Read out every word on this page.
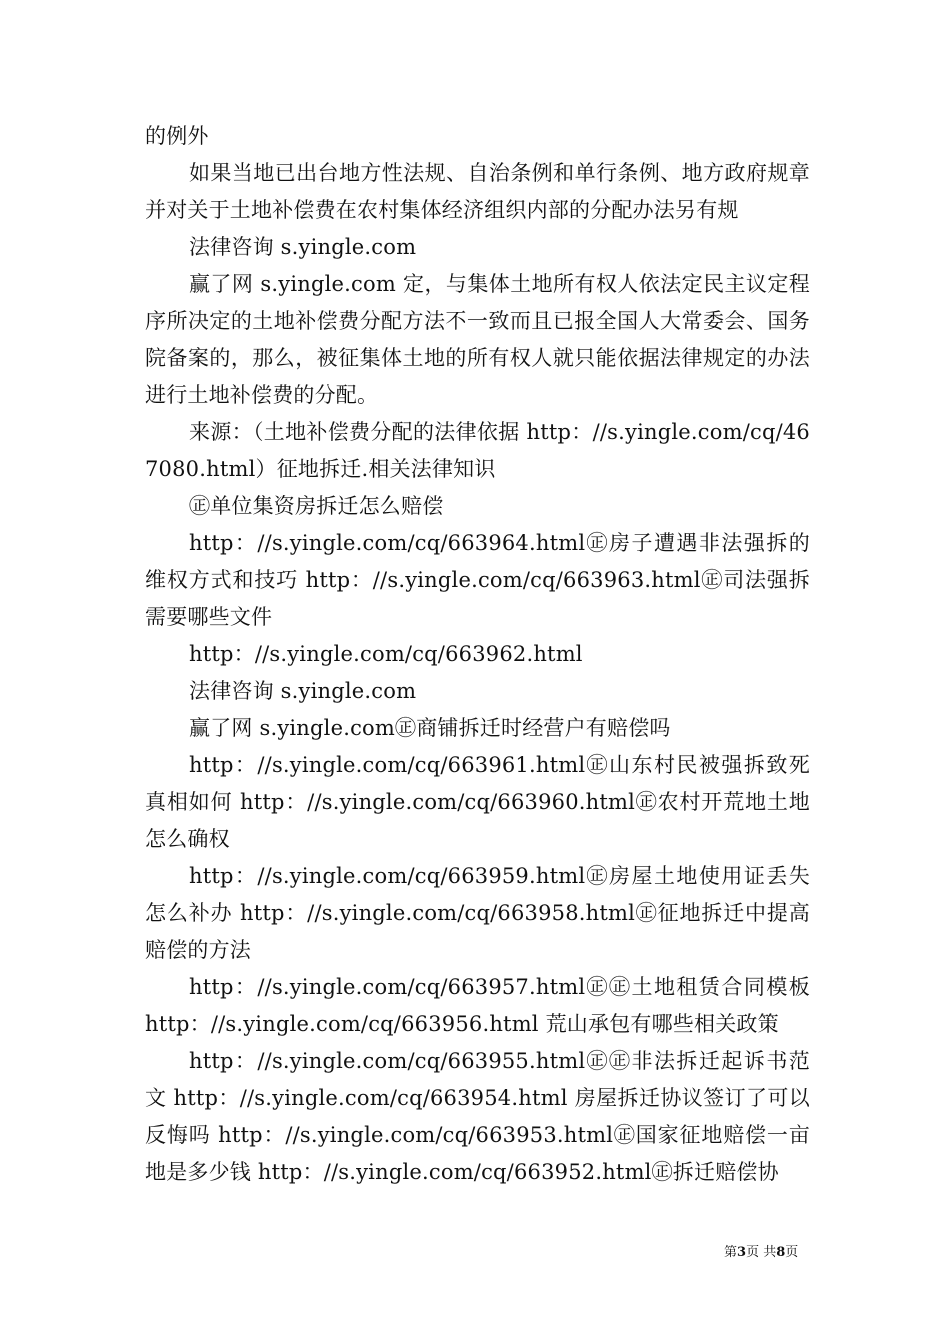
的例外

如果当地已出台地方性法规、自治条例和单行条例、地方政府规章并对关于土地补偿费在农村集体经济组织内部的分配办法另有规

法律咨询 s.yingle.com

赢了网 s.yingle.com 定，与集体土地所有权人依法定民主议定程序所决定的土地补偿费分配方法不一致而且已报全国人大常委会、国务院备案的，那么，被征集体土地的所有权人就只能依据法律规定的办法进行土地补偿费的分配。

来源：（土地补偿费分配的法律依据 http：//s.yingle.com/cq/467080.html）征地拆迁.相关法律知识

㊣单位集资房拆迁怎么赔偿

http：//s.yingle.com/cq/663964.html㊣房子遭遇非法强拆的维权方式和技巧 http：//s.yingle.com/cq/663963.html㊣司法强拆需要哪些文件

http：//s.yingle.com/cq/663962.html

法律咨询 s.yingle.com

赢了网 s.yingle.com㊣商铺拆迁时经营户有赔偿吗

http：//s.yingle.com/cq/663961.html㊣山东村民被强拆致死真相如何 http：//s.yingle.com/cq/663960.html㊣农村开荒地土地怎么确权

http：//s.yingle.com/cq/663959.html㊣房屋土地使用证丢失怎么补办 http：//s.yingle.com/cq/663958.html㊣征地拆迁中提高赔偿的方法

http：//s.yingle.com/cq/663957.html㊣㊣土地租赁合同模板 http：//s.yingle.com/cq/663956.html 荒山承包有哪些相关政策

http：//s.yingle.com/cq/663955.html㊣㊣非法拆迁起诉书范文 http：//s.yingle.com/cq/663954.html 房屋拆迁协议签订了可以反悔吗 http：//s.yingle.com/cq/663953.html㊣国家征地赔偿一亩地是多少钱 http：//s.yingle.com/cq/663952.html㊣拆迁赔偿协

第3页 共8页
